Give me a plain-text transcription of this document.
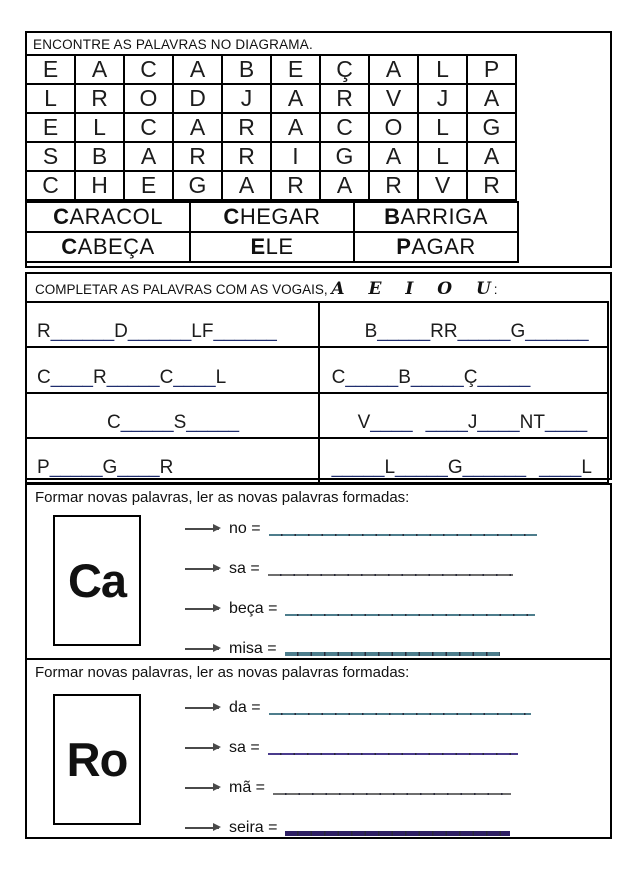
ENCONTRE AS PALAVRAS NO DIAGRAMA.
E	A	C	A	B	E	Ç	A	L	P
L	R	O	D	J	A	R	V	J	A
E	L	C	A	R	A	C	O	L	G
S	B	A	R	R	I	G	A	L	A
C	H	E	G	A	R	A	R	V	R
CARACOL	CHEGAR	BARRIGA
CABEÇA	ELE	PAGAR
COMPLETAR AS PALAVRAS COM AS VOGAIS, A E I O U:
R______D______LF______	B_____RR_____G______
C____R_____C____L	C_____B_____Ç_____
C_____S_____	V____ ____J____NT____
P_____G____R	_____L_____G______ ____L
Formar novas palavras, ler as novas palavras formadas:
Ca
no =
sa =
beça =
misa =
Formar novas palavras, ler as novas palavras formadas:
Ro
da =
sa =
mã =
seira =
